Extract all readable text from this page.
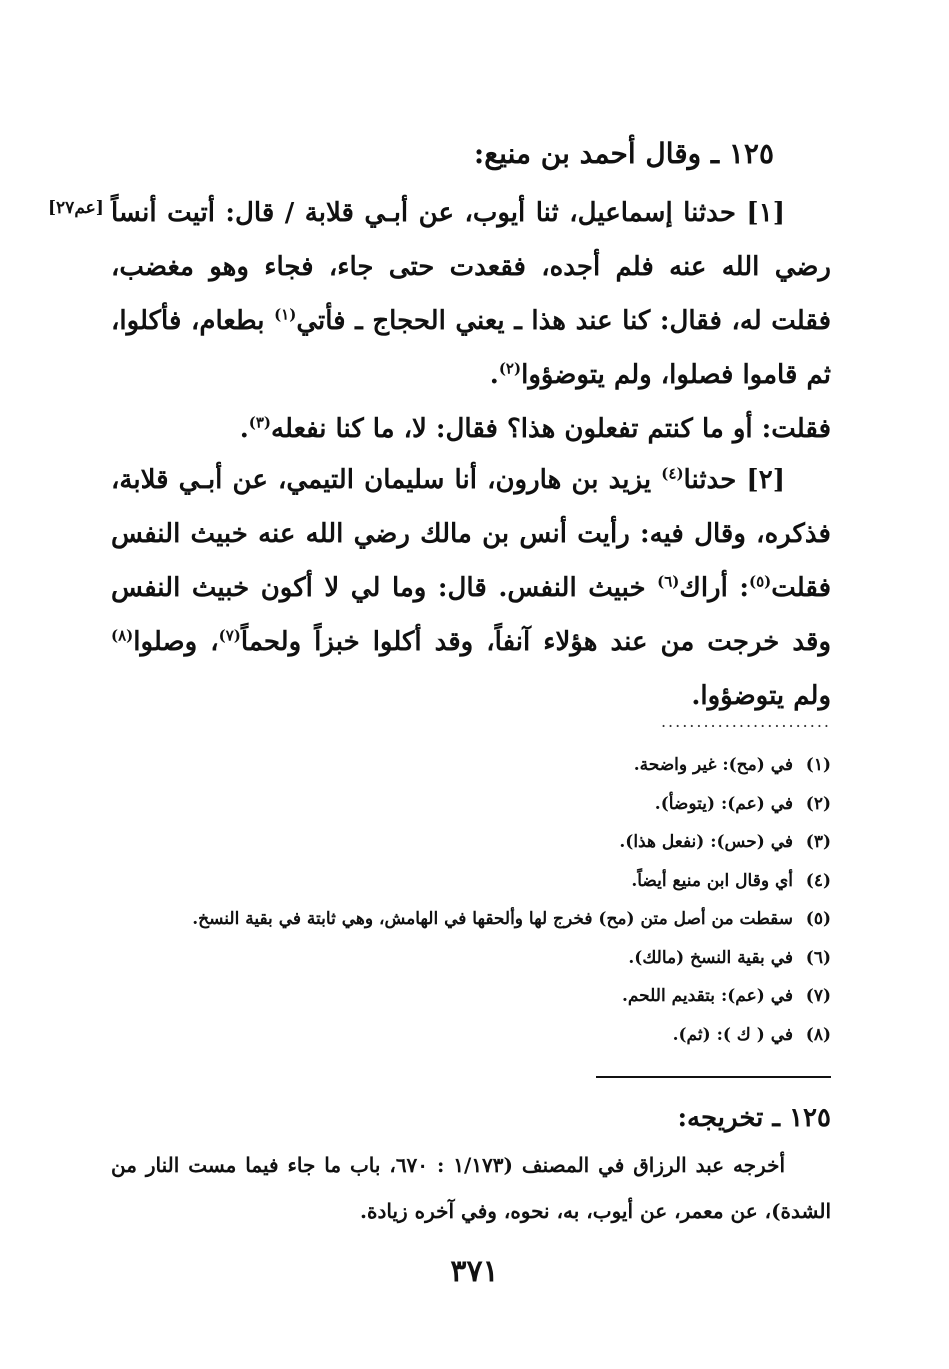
١٢٥ ـ وقال أحمد بن منيع:
[عم٢٧] [١] حدثنا إسماعيل، ثنا أيوب، عن أبـي قلابة / قال: أتيت أنساً رضي الله عنه فلم أجده، فقعدت حتى جاء، فجاء وهو مغضب، فقلت له، فقال: كنا عند هذا ـ يعني الحجاج ـ فأتي$^{(١)}$ بطعام، فأكلوا، ثم قاموا فصلوا، ولم يتوضؤوا$^{(٢)}$.
فقلت: أو ما كنتم تفعلون هذا؟ فقال: لا، ما كنا نفعله$^{(٣)}$.
[٢] حدثنا$^{(٤)}$ يزيد بن هارون، أنا سليمان التيمي، عن أبـي قلابة، فذكره، وقال فيه: رأيت أنس بن مالك رضي الله عنه خبيث النفس فقلت$^{(٥)}$: أراك$^{(٦)}$ خبيث النفس. قال: وما لي لا أكون خبيث النفس وقد خرجت من عند هؤلاء آنفاً، وقد أكلوا خبزاً ولحماً$^{(٧)}$، وصلوا$^{(٨)}$ ولم يتوضؤوا.
........................
(١)في (مح): غير واضحة.
(٢)في (عم): (يتوضأ).
(٣)في (حس): (نفعل هذا).
(٤)أي وقال ابن منيع أيضاً.
(٥)سقطت من أصل متن (مح) فخرج لها وألحقها في الهامش، وهي ثابتة في بقية النسخ.
(٦)في بقية النسخ (مالك).
(٧)في (عم): بتقديم اللحم.
(٨)في ( ك ): (ثم).
١٢٥ ـ تخريجه:
أخرجه عبد الرزاق في المصنف (١/١٧٣ : ٦٧٠، باب ما جاء فيما مست النار من الشدة)، عن معمر، عن أيوب، به، نحوه، وفي آخره زيادة.
٣٧١
